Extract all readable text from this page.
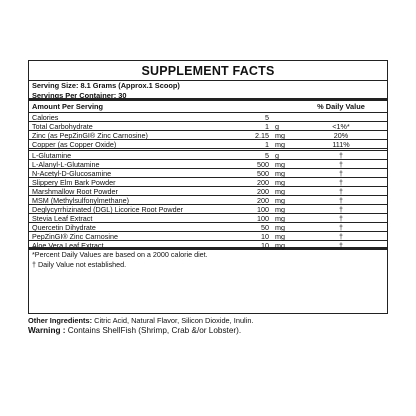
SUPPLEMENT FACTS
Serving Size: 8.1 Grams (Approx.1 Scoop)
Servings Per Container: 30
Amount Per Serving	% Daily Value
Calories	5
Total Carbohydrate	1 g	<1%*
Zinc (as PepZinGI® Zinc Carnosine)	2.15 mg	20%
Copper (as Copper Oxide)	1 mg	111%
L-Glutamine	5 g	†
L-Alanyl-L-Glutamine	500 mg	†
N-Acetyl-D-Glucosamine	500 mg	†
Slippery Elm Bark Powder	200 mg	†
Marshmallow Root Powder	200 mg	†
MSM (Methylsulfonylmethane)	200 mg	†
Deglycyrrhizinated (DGL) Licorice Root Powder	100 mg	†
Stevia Leaf Extract	100 mg	†
Quercetin Dihydrate	50 mg	†
PepZinGI® Zinc Carnosine	10 mg	†
Aloe Vera Leaf Extract	10 mg	†
*Percent Daily Values are based on a 2000 calorie diet.
† Daily Value not established.
Other Ingredients: Citric Acid, Natural Flavor, Silicon Dioxide, Inulin.
Warning : Contains ShellFish (Shrimp, Crab &/or Lobster).
